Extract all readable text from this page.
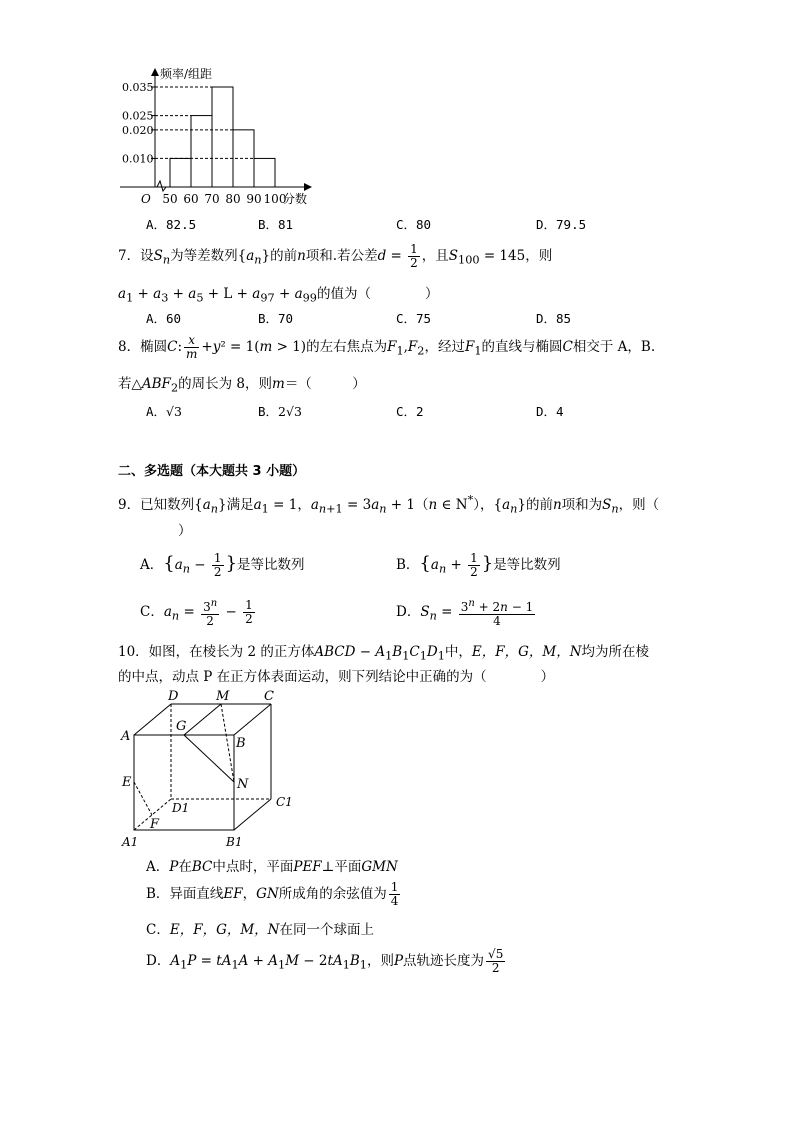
0.010
0.025
0.020
0.035
50 60 70 80 90 100
频率/组距
分数
O
A．82.5	B．81	C．80	D．79.5
7．设$S_n$为等差数列$\{a_n\}$的前n项和.若公差$d = \frac{1}{2}$ ，且$S_{100} = 145$，则
$a_1 + a_3 + a_5 + L + a_{97} + a_{99}$的值为（　　　　）
A．60	B．70	C．75	D．85
8．椭圆C: $\frac{x}{m} +y^2 = 1(m > 1)$的左右焦点为$F_1,F_2$，经过$F_1$的直线与椭圆C相交于 A，B.
若$\triangle ABF_2$的周长为 8，则m＝（　　　）
A．√3	B．2√3	C．2	D．4
二、多选题（本大题共 3 小题）
9．已知数列$\{a_n\}$满足$a_1 = 1$，$a_{n+1} = 3a_n + 1(n$ ∈ N*），$\{a_n\}$的前n项和为$S_n$，则（
）
A．{$a_n - \frac{1}{2}$ }是等比数列	B．{$a_n + \frac{1}{2}$ }是等比数列
C．$a_n = \frac{3^n}{2} - \frac{1}{2}$	D．$S_n = \frac{3^n + 2n - 1}{4}$
10．如图，在棱长为 2 的正方体ABCD − $A_1B_1C_1D_1$中，E，F，G，M，N均为所在棱
的中点，动点 P 在正方体表面运动，则下列结论中正确的为（　　　　）
D	M	C
G
A	B
E	N
D1	C1
F
A1	B1
A．P在BC中点时，平面PEF⊥平面GMN
B．异面直线EF，GN所成角的余弦值为 $\frac{1}{4}$
C．E，F，G，M，N在同一个球面上
D．$A_1P = tA_1A + A_1M - 2tA_1B_1$，则P点轨迹长度为 $\frac{√5}{2}$
